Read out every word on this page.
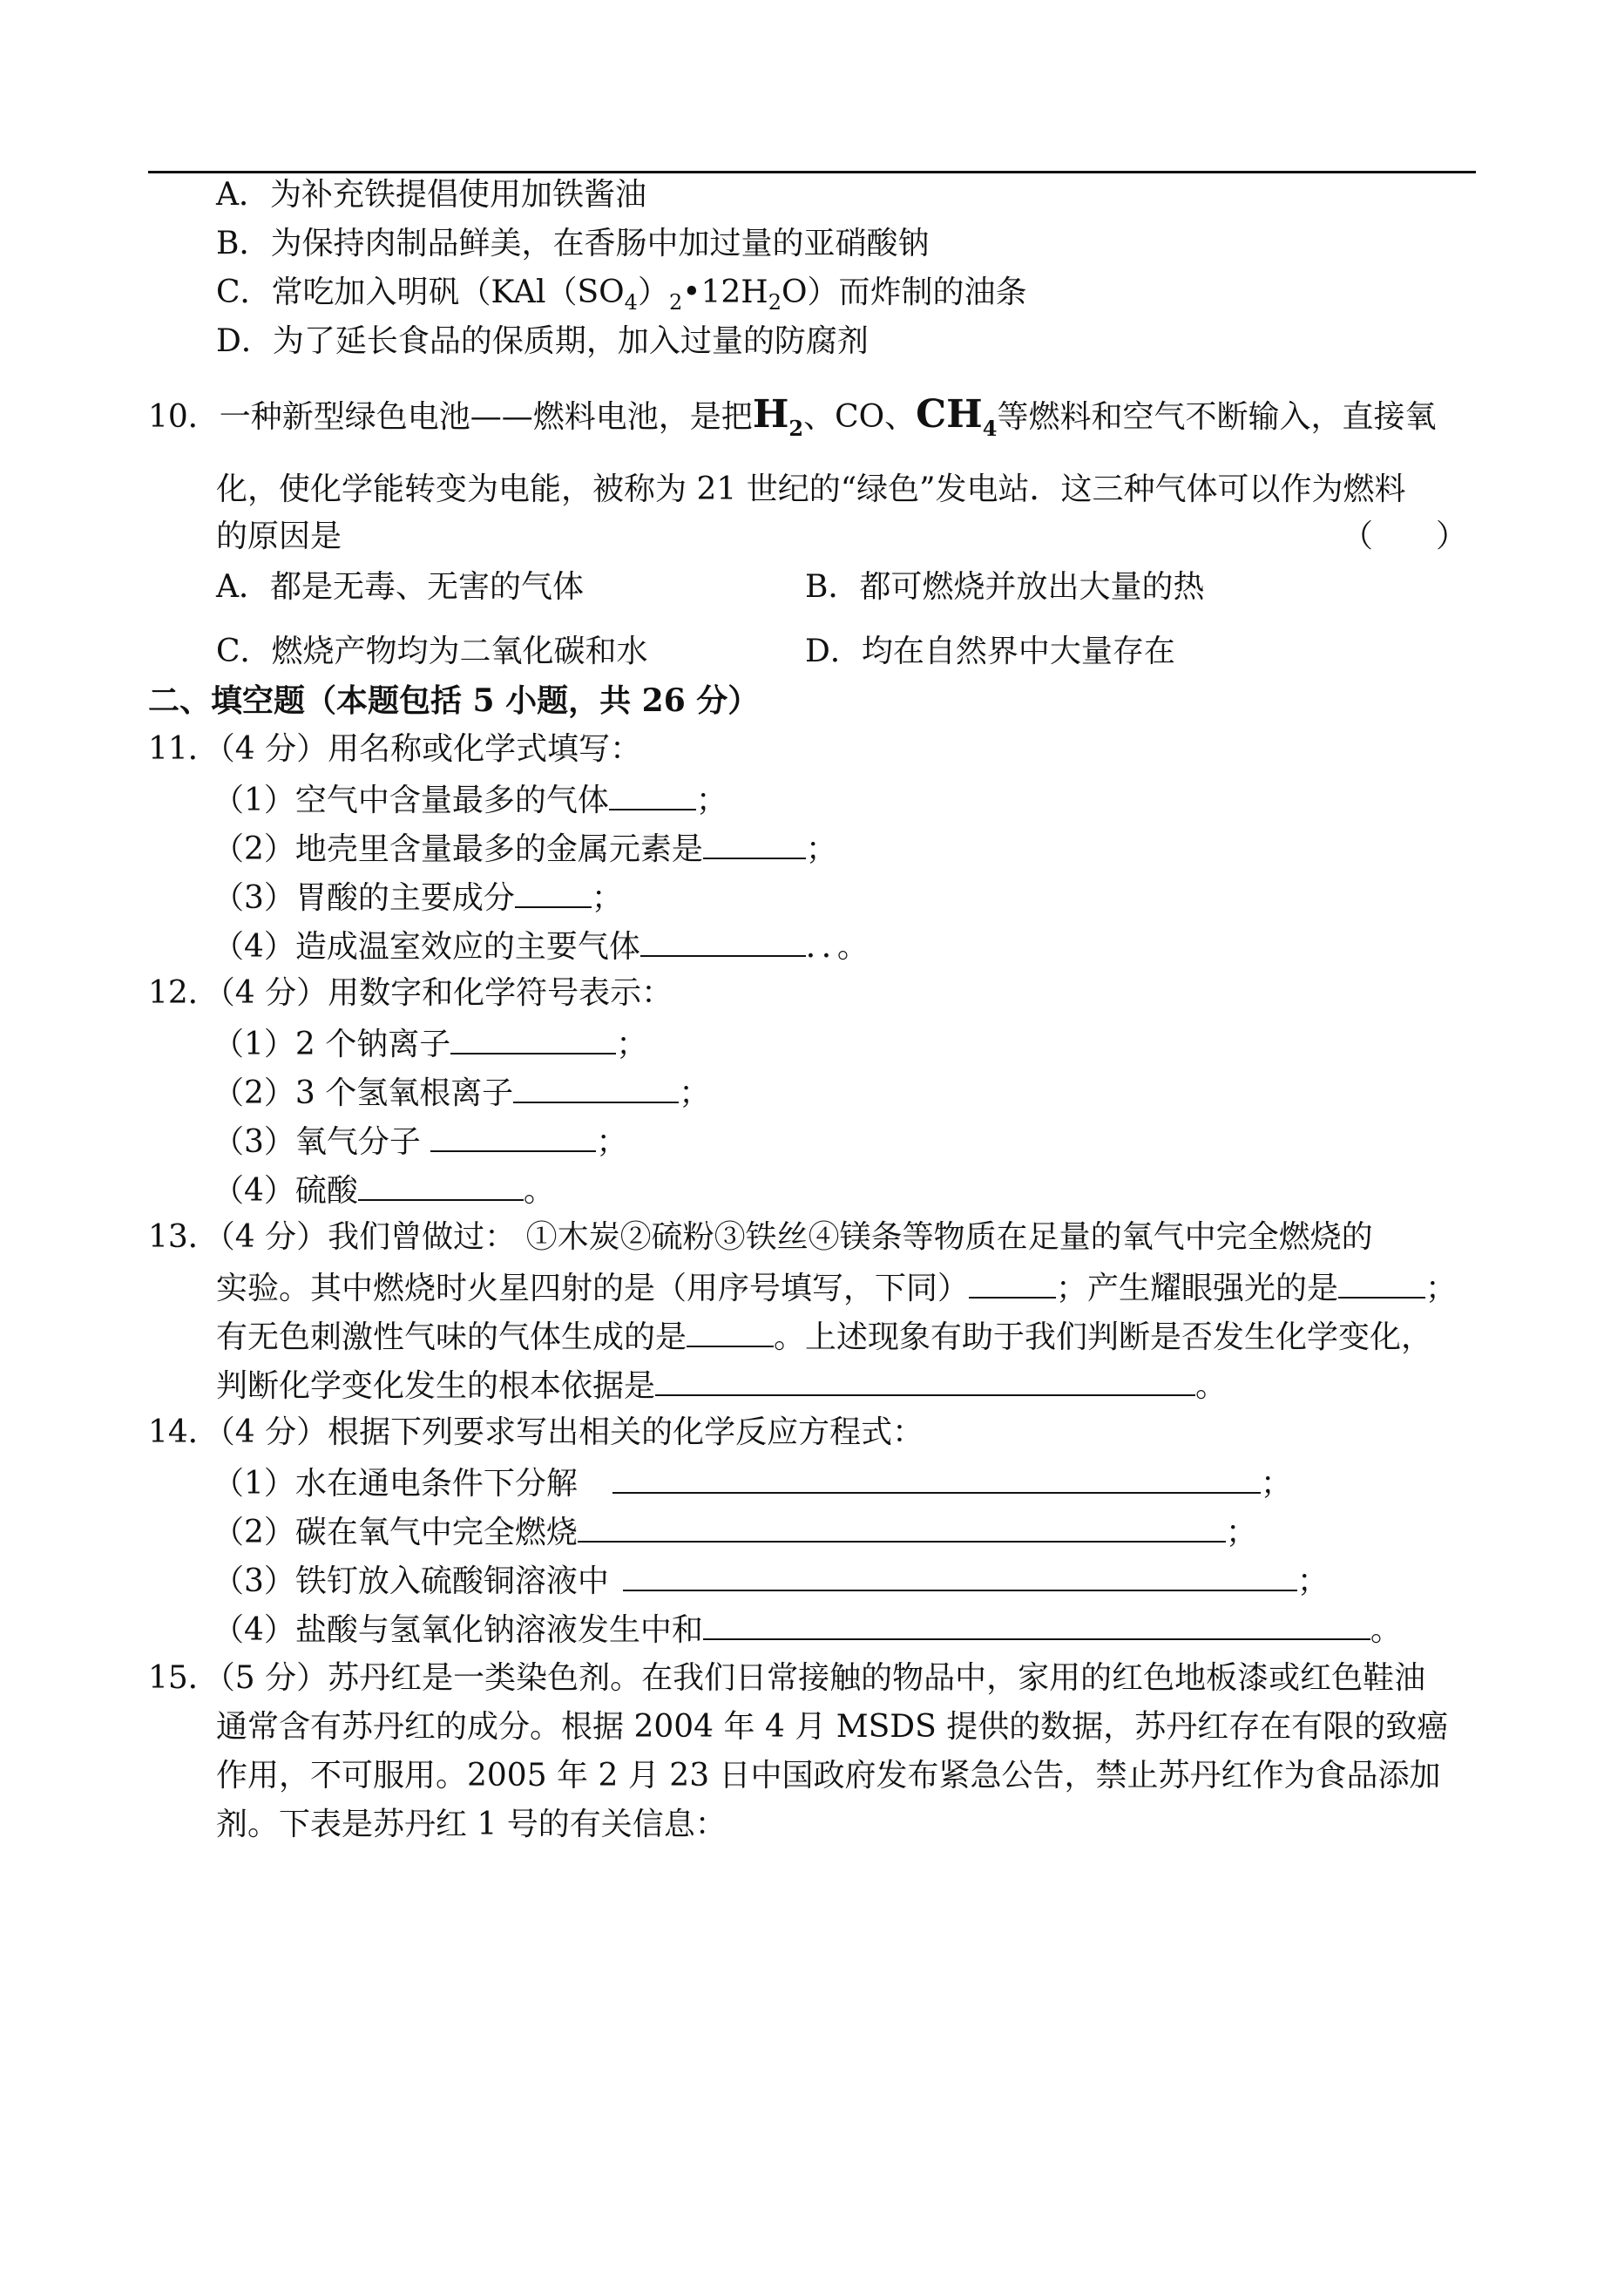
A．为补充铁提倡使用加铁酱油
B．为保持肉制品鲜美，在香肠中加过量的亚硝酸钠
C．常吃加入明矾$(KAl(SO_4)_2•12H_2O)$而炸制的油条
D．为了延长食品的保质期，加入过量的防腐剂
10．一种新型绿色电池——燃料电池，是把$H_2$、CO、$CH_4$等燃料和空气不断输入，直接氧
化，使化学能转变为电能，被称为 21 世纪的“绿色”发电站．这三种气体可以作为燃料
的原因是	（　　）
A．都是无毒、无害的气体	B．都可燃烧并放出大量的热
C．燃烧产物均为二氧化碳和水	D．均在自然界中大量存在
二、填空题（本题包括 5 小题，共 26 分）
11．（4 分）用名称或化学式填写：
（1）空气中含量最多的气体	；
（2）地壳里含量最多的金属元素是	；
（3）胃酸的主要成分 ；
（4）造成温室效应的主要气体	．．。
12．（4 分）用数字和化学符号表示：
（1）2 个钠离子	；
（2）3 个氢氧根离子	；
（3）氧气分子	；
（4）硫酸	。
13．（4 分）我们曾做过： ①木炭②硫粉③铁丝④镁条等物质在足量的氧气中完全燃烧的
实验。其中燃烧时火星四射的是（用序号填写，下同）	；产生耀眼强光的是	；
有无色刺激性气味的气体生成的是	。上述现象有助于我们判断是否发生化学变化，
判断化学变化发生的根本依据是	。
14．（4 分）根据下列要求写出相关的化学反应方程式：
（1）水在通电条件下分解	；
（2）碳在氧气中完全燃烧	；
（3）铁钉放入硫酸铜溶液中	；
（4）盐酸与氢氧化钠溶液发生中和	。
15．（5 分）苏丹红是一类染色剂。在我们日常接触的物品中，家用的红色地板漆或红色鞋油
通常含有苏丹红的成分。根据 2004 年 4 月 MSDS 提供的数据，苏丹红存在有限的致癌
作用，不可服用。2005 年 2 月 23 日中国政府发布紧急公告，禁止苏丹红作为食品添加
剂。下表是苏丹红 1 号的有关信息：
